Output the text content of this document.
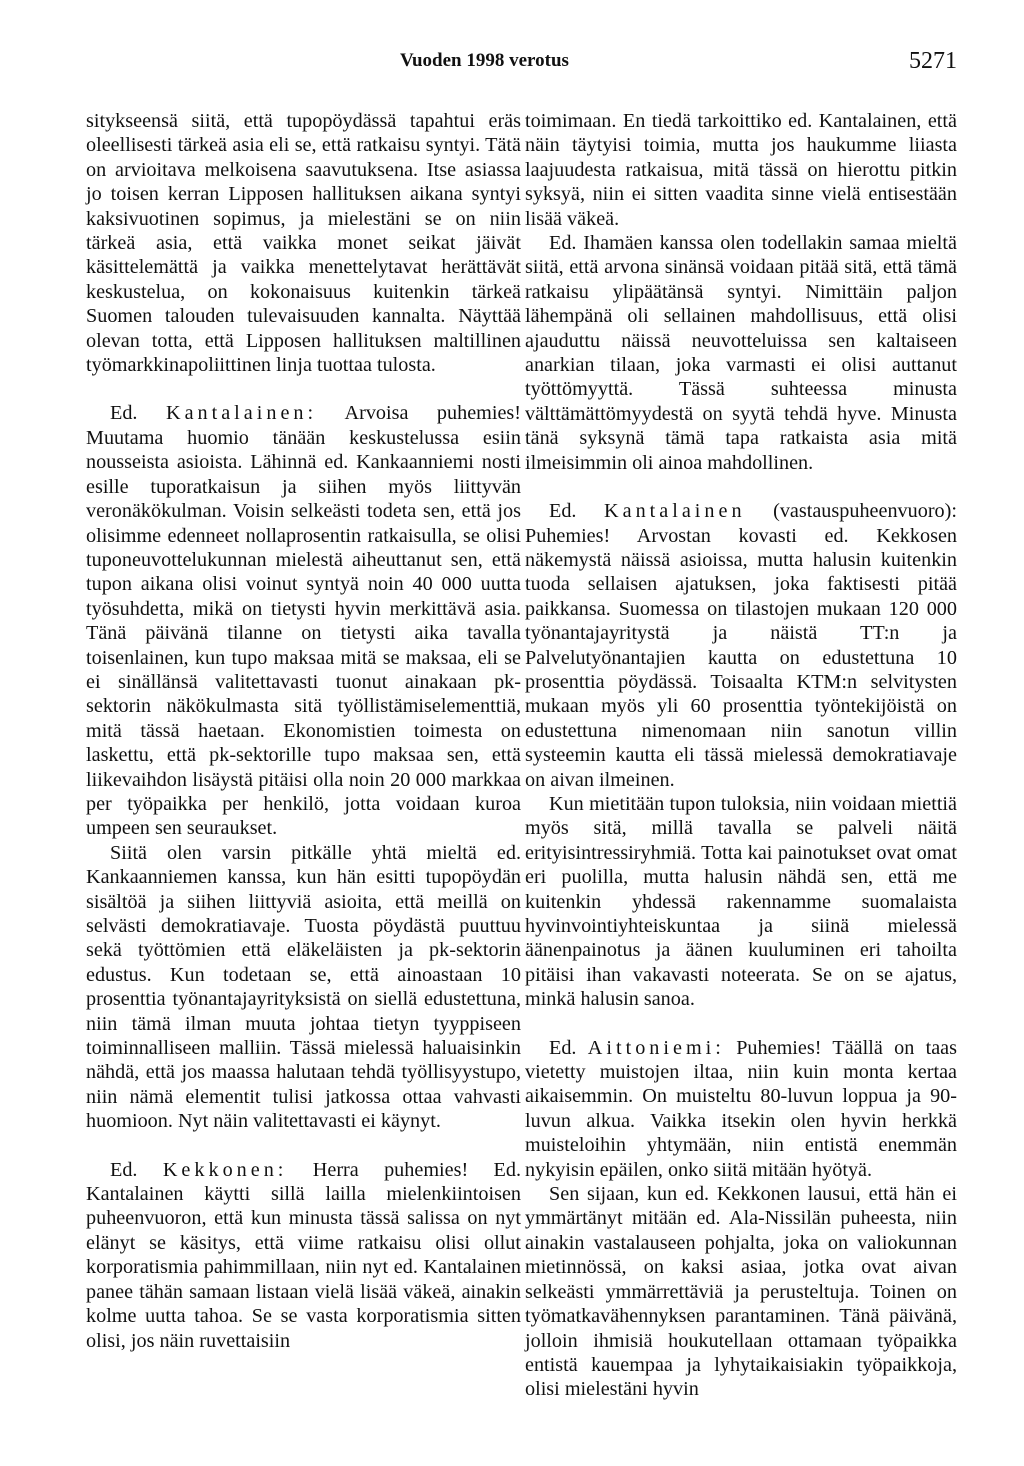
Vuoden 1998 verotus	5271

sitykseensä siitä, että tupopöydässä tapahtui eräs oleellisesti tärkeä asia eli se, että ratkaisu syntyi. Tätä on arvioitava melkoisena saavutuksena. Itse asiassa jo toisen kerran Lipposen hallituksen aikana syntyi kaksivuotinen sopimus, ja mielestäni se on niin tärkeä asia, että vaikka monet seikat jäivät käsittelemättä ja vaikka menettelytavat herättävät keskustelua, on kokonaisuus kuitenkin tärkeä Suomen talouden tulevaisuuden kannalta. Näyttää olevan totta, että Lipposen hallituksen maltillinen työmarkkinapoliittinen linja tuottaa tulosta.

Ed. Kantalainen: Arvoisa puhemies! Muutama huomio tänään keskustelussa esiin nousseista asioista. Lähinnä ed. Kankaanniemi nosti esille tuporatkaisun ja siihen myös liittyvän veronäkökulman. Voisin selkeästi todeta sen, että jos olisimme edenneet nollaprosentin ratkaisulla, se olisi tuponeuvottelukunnan mielestä aiheuttanut sen, että tupon aikana olisi voinut syntyä noin 40 000 uutta työsuhdetta, mikä on tietysti hyvin merkittävä asia. Tänä päivänä tilanne on tietysti aika tavalla toisenlainen, kun tupo maksaa mitä se maksaa, eli se ei sinällänsä valitettavasti tuonut ainakaan pk-sektorin näkökulmasta sitä työllistämiselementtiä, mitä tässä haetaan. Ekonomistien toimesta on laskettu, että pk-sektorille tupo maksaa sen, että liikevaihdon lisäystä pitäisi olla noin 20 000 markkaa per työpaikka per henkilö, jotta voidaan kuroa umpeen sen seuraukset.

Siitä olen varsin pitkälle yhtä mieltä ed. Kankaanniemen kanssa, kun hän esitti tupopöydän sisältöä ja siihen liittyviä asioita, että meillä on selvästi demokratiavaje. Tuosta pöydästä puuttuu sekä työttömien että eläkeläisten ja pk-sektorin edustus. Kun todetaan se, että ainoastaan 10 prosenttia työnantajayrityksistä on siellä edustettuna, niin tämä ilman muuta johtaa tietyn tyyppiseen toiminnalliseen malliin. Tässä mielessä haluaisinkin nähdä, että jos maassa halutaan tehdä työllisyystupo, niin nämä elementit tulisi jatkossa ottaa vahvasti huomioon. Nyt näin valitettavasti ei käynyt.

Ed. Kekkonen: Herra puhemies! Ed. Kantalainen käytti sillä lailla mielenkiintoisen puheenvuoron, että kun minusta tässä salissa on nyt elänyt se käsitys, että viime ratkaisu olisi ollut korporatismia pahimmillaan, niin nyt ed. Kantalainen panee tähän samaan listaan vielä lisää väkeä, ainakin kolme uutta tahoa. Se se vasta korporatismia sitten olisi, jos näin ruvettaisiin

toimimaan. En tiedä tarkoittiko ed. Kantalainen, että näin täytyisi toimia, mutta jos haukumme liiasta laajuudesta ratkaisua, mitä tässä on hierottu pitkin syksyä, niin ei sitten vaadita sinne vielä entisestään lisää väkeä.

Ed. Ihamäen kanssa olen todellakin samaa mieltä siitä, että arvona sinänsä voidaan pitää sitä, että tämä ratkaisu ylipäätänsä syntyi. Nimittäin paljon lähempänä oli sellainen mahdollisuus, että olisi ajauduttu näissä neuvotteluissa sen kaltaiseen anarkian tilaan, joka varmasti ei olisi auttanut työttömyyttä. Tässä suhteessa minusta välttämättömyydestä on syytä tehdä hyve. Minusta tänä syksynä tämä tapa ratkaista asia mitä ilmeisimmin oli ainoa mahdollinen.

Ed. Kantalainen (vastauspuheenvuoro): Puhemies! Arvostan kovasti ed. Kekkosen näkemystä näissä asioissa, mutta halusin kuitenkin tuoda sellaisen ajatuksen, joka faktisesti pitää paikkansa. Suomessa on tilastojen mukaan 120 000 työnantajayritystä ja näistä TT:n ja Palvelutyönantajien kautta on edustettuna 10 prosenttia pöydässä. Toisaalta KTM:n selvitysten mukaan myös yli 60 prosenttia työntekijöistä on edustettuna nimenomaan niin sanotun villin systeemin kautta eli tässä mielessä demokratiavaje on aivan ilmeinen.

Kun mietitään tupon tuloksia, niin voidaan miettiä myös sitä, millä tavalla se palveli näitä erityisintressiryhmiä. Totta kai painotukset ovat omat eri puolilla, mutta halusin nähdä sen, että me kuitenkin yhdessä rakennamme suomalaista hyvinvointiyhteiskuntaa ja siinä mielessä äänenpainotus ja äänen kuuluminen eri tahoilta pitäisi ihan vakavasti noteerata. Se on se ajatus, minkä halusin sanoa.

Ed. Aittoniemi: Puhemies! Täällä on taas vietetty muistojen iltaa, niin kuin monta kertaa aikaisemmin. On muisteltu 80-luvun loppua ja 90-luvun alkua. Vaikka itsekin olen hyvin herkkä muisteloihin yhtymään, niin entistä enemmän nykyisin epäilen, onko siitä mitään hyötyä.

Sen sijaan, kun ed. Kekkonen lausui, että hän ei ymmärtänyt mitään ed. Ala-Nissilän puheesta, niin ainakin vastalauseen pohjalta, joka on valiokunnan mietinnössä, on kaksi asiaa, jotka ovat aivan selkeästi ymmärrettäviä ja perusteltuja. Toinen on työmatkavähennyksen parantaminen. Tänä päivänä, jolloin ihmisiä houkutellaan ottamaan työpaikka entistä kauempaa ja lyhytaikaisiakin työpaikkoja, olisi mielestäni hyvin
